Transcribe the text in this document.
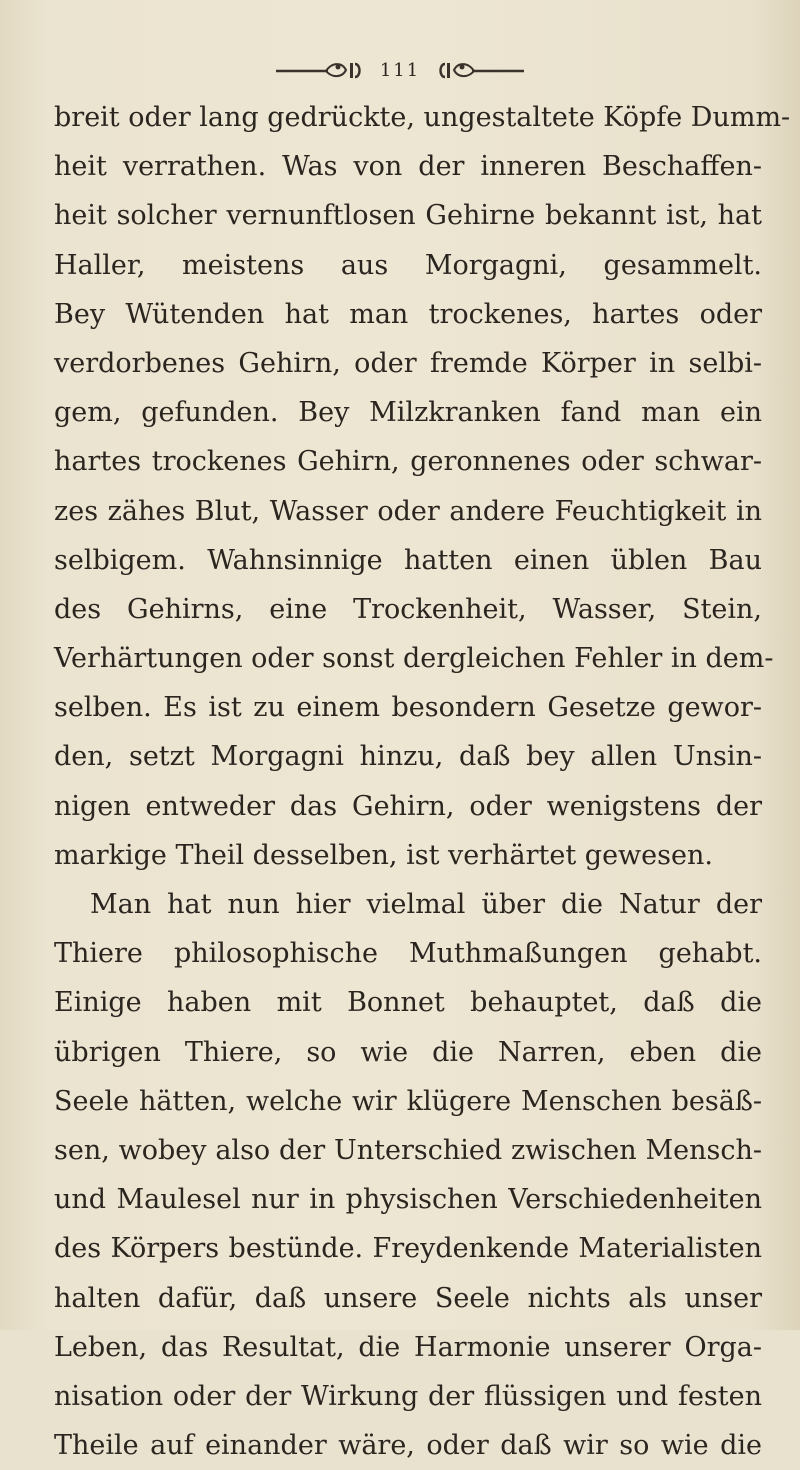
111
breit oder lang gedrückte, ungestaltete Köpfe Dumm-
heit verrathen. Was von der inneren Beschaffen-
heit solcher vernunftlosen Gehirne bekannt ist, hat
Haller, meistens aus Morgagni, gesammelt.
Bey Wütenden hat man trockenes, hartes oder
verdorbenes Gehirn, oder fremde Körper in selbi-
gem, gefunden. Bey Milzkranken fand man ein
hartes trockenes Gehirn, geronnenes oder schwar-
zes zähes Blut, Wasser oder andere Feuchtigkeit in
selbigem. Wahnsinnige hatten einen üblen Bau
des Gehirns, eine Trockenheit, Wasser, Stein,
Verhärtungen oder sonst dergleichen Fehler in dem-
selben. Es ist zu einem besondern Gesetze gewor-
den, setzt Morgagni hinzu, daß bey allen Unsin-
nigen entweder das Gehirn, oder wenigstens der
markige Theil desselben, ist verhärtet gewesen.
Man hat nun hier vielmal über die Natur der
Thiere philosophische Muthmaßungen gehabt.
Einige haben mit Bonnet behauptet, daß die
übrigen Thiere, so wie die Narren, eben die
Seele hätten, welche wir klügere Menschen besäß-
sen, wobey also der Unterschied zwischen Mensch-
und Maulesel nur in physischen Verschiedenheiten
des Körpers bestünde. Freydenkende Materialisten
halten dafür, daß unsere Seele nichts als unser
Leben, das Resultat, die Harmonie unserer Orga-
nisation oder der Wirkung der flüssigen und festen
Theile auf einander wäre, oder daß wir so wie die
